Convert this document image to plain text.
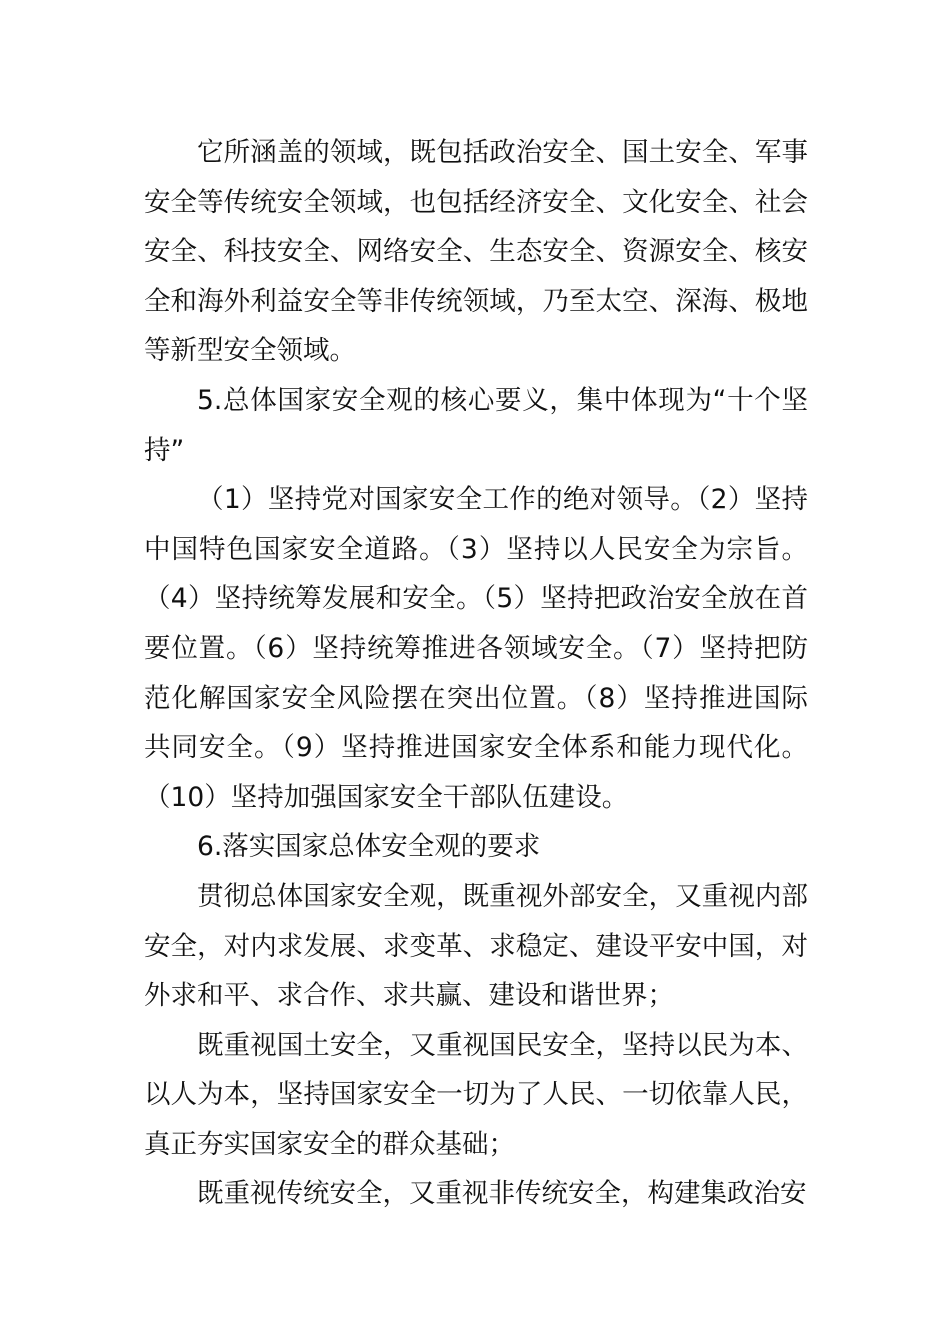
它所涵盖的领域，既包括政治安全、国土安全、军事安全等传统安全领域，也包括经济安全、文化安全、社会安全、科技安全、网络安全、生态安全、资源安全、核安全和海外利益安全等非传统领域，乃至太空、深海、极地等新型安全领域。

5.总体国家安全观的核心要义，集中体现为“十个坚持”

（1）坚持党对国家安全工作的绝对领导。（2）坚持中国特色国家安全道路。（3）坚持以人民安全为宗旨。（4）坚持统筹发展和安全。（5）坚持把政治安全放在首要位置。（6）坚持统筹推进各领域安全。（7）坚持把防范化解国家安全风险摆在突出位置。（8）坚持推进国际共同安全。（9）坚持推进国家安全体系和能力现代化。（10）坚持加强国家安全干部队伍建设。

6.落实国家总体安全观的要求

贯彻总体国家安全观，既重视外部安全，又重视内部安全，对内求发展、求变革、求稳定、建设平安中国，对外求和平、求合作、求共赢、建设和谐世界；

既重视国土安全，又重视国民安全，坚持以民为本、以人为本，坚持国家安全一切为了人民、一切依靠人民，真正夯实国家安全的群众基础；

既重视传统安全，又重视非传统安全，构建集政治安
